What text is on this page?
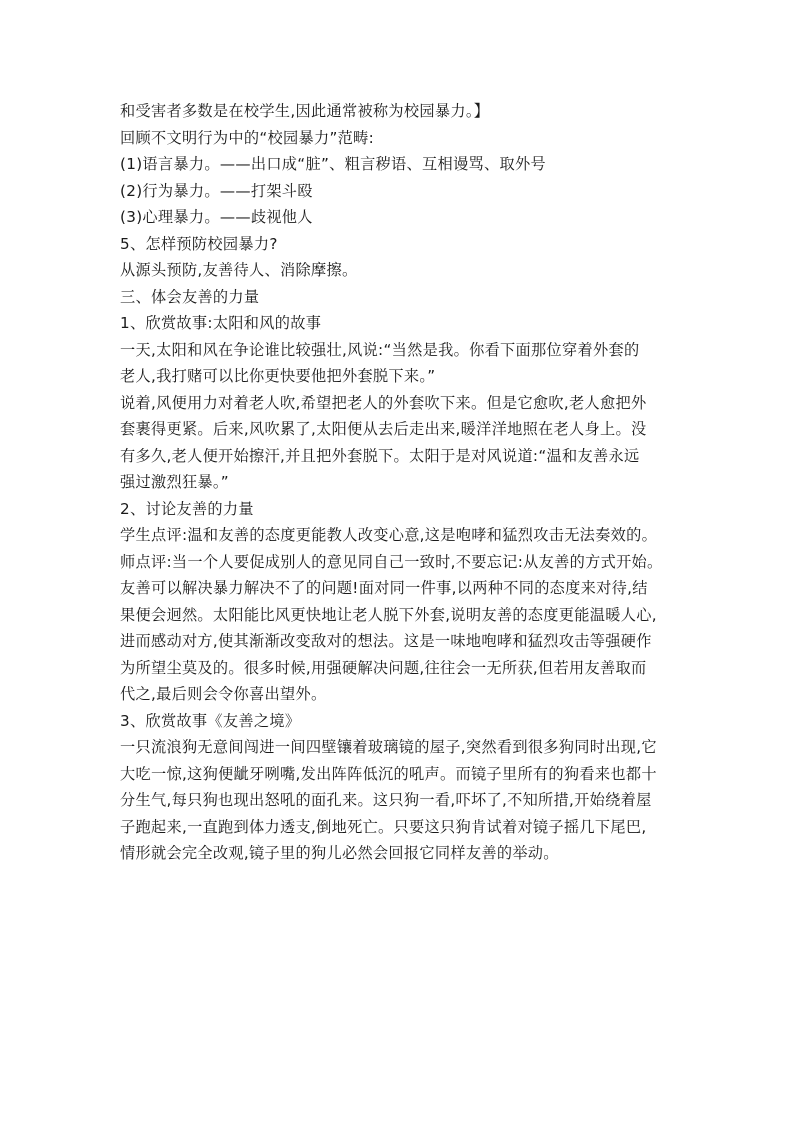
和受害者多数是在校学生,因此通常被称为校园暴力。】

回顾不文明行为中的“校园暴力”范畴:

(1)语言暴力。——出口成“脏”、粗言秽语、互相谩骂、取外号

(2)行为暴力。——打架斗殴

(3)心理暴力。——歧视他人

5、怎样预防校园暴力?

从源头预防,友善待人、消除摩擦。

三、体会友善的力量

1、欣赏故事:太阳和风的故事

一天,太阳和风在争论谁比较强壮,风说:“当然是我。你看下面那位穿着外套的

老人,我打赌可以比你更快要他把外套脱下来。”

说着,风便用力对着老人吹,希望把老人的外套吹下来。但是它愈吹,老人愈把外

套裹得更紧。后来,风吹累了,太阳便从去后走出来,暖洋洋地照在老人身上。没

有多久,老人便开始擦汗,并且把外套脱下。太阳于是对风说道:“温和友善永远

强过激烈狂暴。”

2、讨论友善的力量

学生点评:温和友善的态度更能教人改变心意,这是咆哮和猛烈攻击无法奏效的。

师点评:当一个人要促成别人的意见同自己一致时,不要忘记:从友善的方式开始。

友善可以解决暴力解决不了的问题!面对同一件事,以两种不同的态度来对待,结

果便会迥然。太阳能比风更快地让老人脱下外套,说明友善的态度更能温暖人心,

进而感动对方,使其渐渐改变敌对的想法。这是一味地咆哮和猛烈攻击等强硬作

为所望尘莫及的。很多时候,用强硬解决问题,往往会一无所获,但若用友善取而

代之,最后则会令你喜出望外。

3、欣赏故事《友善之境》

一只流浪狗无意间闯进一间四壁镶着玻璃镜的屋子,突然看到很多狗同时出现,它

大吃一惊,这狗便龇牙咧嘴,发出阵阵低沉的吼声。而镜子里所有的狗看来也都十

分生气,每只狗也现出怒吼的面孔来。这只狗一看,吓坏了,不知所措,开始绕着屋

子跑起来,一直跑到体力透支,倒地死亡。只要这只狗肯试着对镜子摇几下尾巴,

情形就会完全改观,镜子里的狗儿必然会回报它同样友善的举动。
